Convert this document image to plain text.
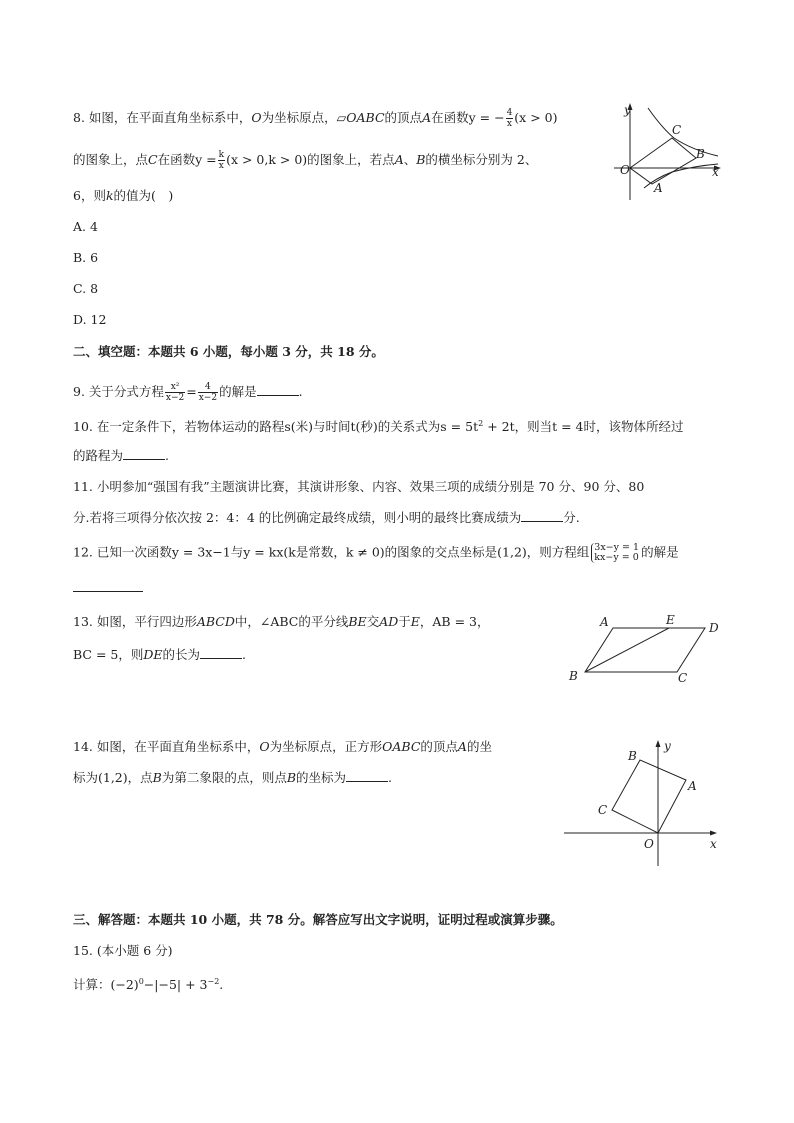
8. 如图，在平面直角坐标系中，O为坐标原点，▱OABC的顶点A在函数y = − $\frac{4}{x} (x > 0)$
的图象上，点C在函数$y = \frac{k}{x} (x > 0,k > 0)$的图象上，若点A、B的横坐标分别为 2、
6，则k的值为(　)
A. 4
B. 6
C. 8
D. 12
y
x
O
C
B
A
二、填空题：本题共 6 小题，每小题 3 分，共 18 分。
9. 关于分式方程 $\frac{\text{x²}}{x-2} = \frac{4}{x-2}$ 的解是	.
10. 在一定条件下，若物体运动的路程s(米)与时间t(秒)的关系式为$s = 5t^2 + 2t$，则当t = 4时，该物体所经过
的路程为	.
11. 小明参加“强国有我”主题演讲比赛，其演讲形象、内容、效果三项的成绩分别是 70 分、90 分、80
分.若将三项得分依次按 2：4：4 的比例确定最终成绩，则小明的最终比赛成绩为	分.
12. 已知一次函数y = 3x−1与y = kx(k是常数，k ≠ 0)的图象的交点坐标是(1,2)，则方程组 3x−y = 1
kx−y = 0 的解是
13. 如图，平行四边形ABCD中，∠ABC的平分线BE交AD于E，AB = 3，
BC = 5，则DE的长为	.
A	E
D
B	C
14. 如图，在平面直角坐标系中，O为坐标原点，正方形OABC的顶点A的坐
标为(1,2)，点B为第二象限的点，则点B的坐标为	.
B
A
C
O
y
x
三、解答题：本题共 10 小题，共 78 分。解答应写出文字说明，证明过程或演算步骤。
15. (本小题 6 分)
计算：$(-2)^0-|-5| + 3^{-2}$.
